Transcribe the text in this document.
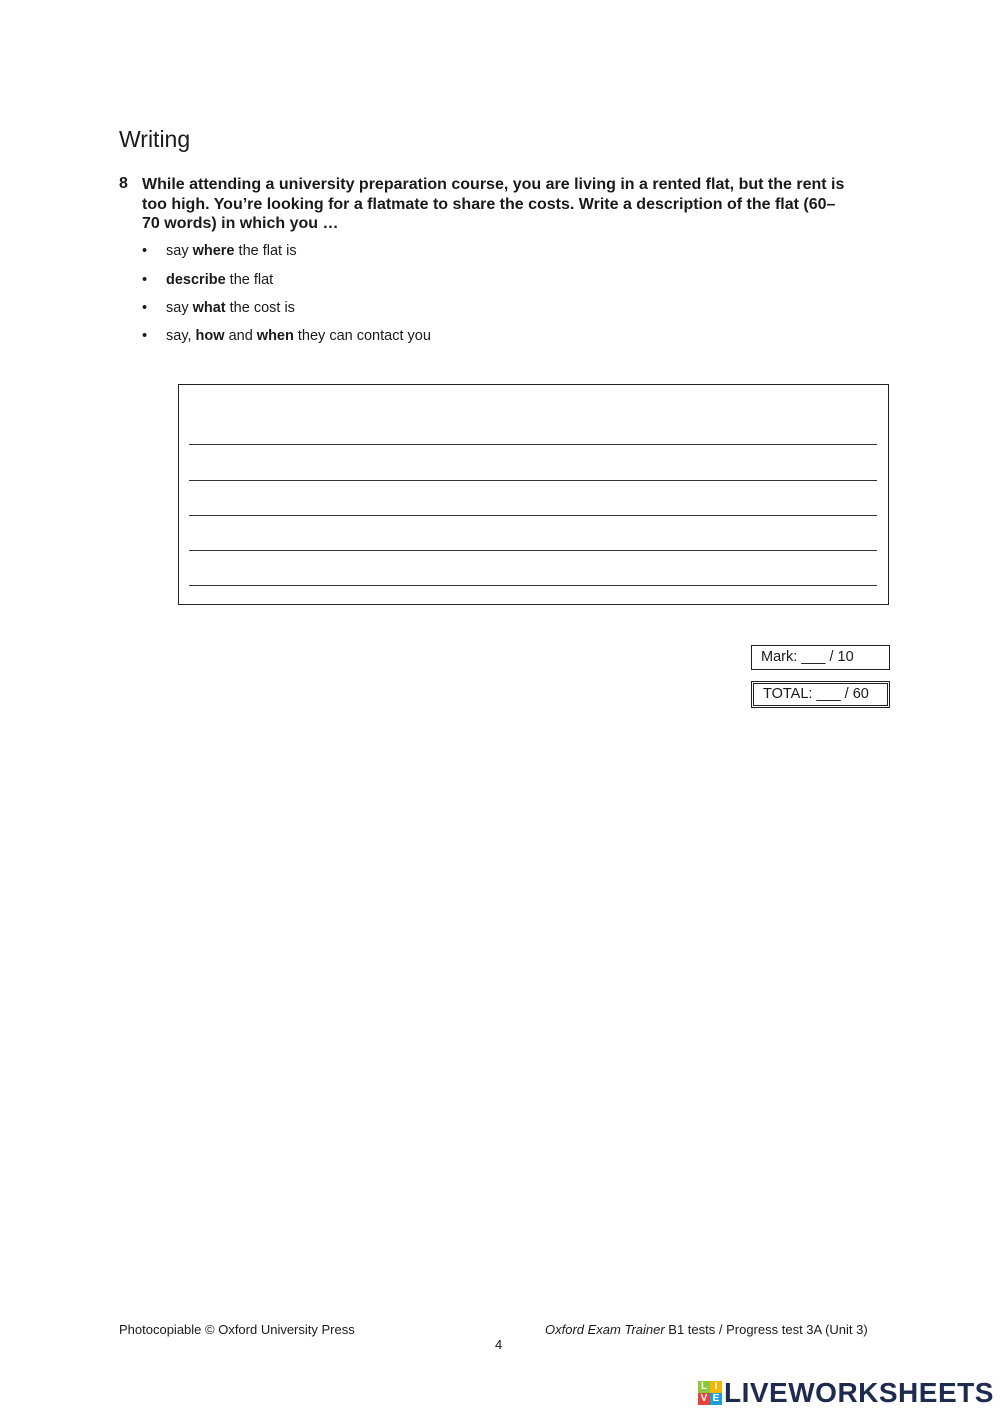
Writing
8 While attending a university preparation course, you are living in a rented flat, but the rent is
too high. You’re looking for a flatmate to share the costs. Write a description of the flat (60–
70 words) in which you …
• say where the flat is
• describe the flat
• say what the cost is
• say, how and when they can contact you
Mark: ___ / 10
TOTAL: ___ / 60
Photocopiable © Oxford University Press	Oxford Exam Trainer B1 tests / Progress test 3A (Unit 3)
4
L I
V E LIVEWORKSHEETS
